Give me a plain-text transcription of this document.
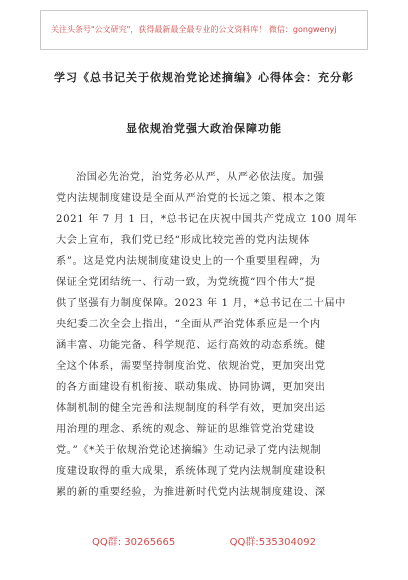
关注头条号"公文研究"，获得最新最全最专业的公文资料库！ 微信：gongwenyj
学习《总书记关于依规治党论述摘编》心得体会：充分彰
显依规治党强大政治保障功能
治国必先治党，治党务必从严，从严必依法度。加强
党内法规制度建设是全面从严治党的长远之策、根本之策
2021 年 7 月 1 日，*总书记在庆祝中国共产党成立 100 周年
大会上宣布，我们党已经“形成比较完善的党内法规体
系”。这是党内法规制度建设史上的一个重要里程碑，为
保证全党团结统一、行动一致，为党统揽“四个伟大”提
供了坚强有力制度保障。2023 年 1 月，*总书记在二十届中
央纪委二次全会上指出，“全面从严治党体系应是一个内
涵丰富、功能完备、科学规范、运行高效的动态系统。健
全这个体系，需要坚持制度治党、依规治党，更加突出党
的各方面建设有机衔接、联动集成、协同协调，更加突出
体制机制的健全完善和法规制度的科学有效，更加突出运
用治理的理念、系统的观念、辩证的思维管党治党建设
党。”《*关于依规治党论述摘编》生动记录了党内法规制
度建设取得的重大成果，系统体现了党内法规制度建设积
累的新的重要经验，为推进新时代党内法规制度建设、深
QQ群: 30265665	QQ群:535304092
